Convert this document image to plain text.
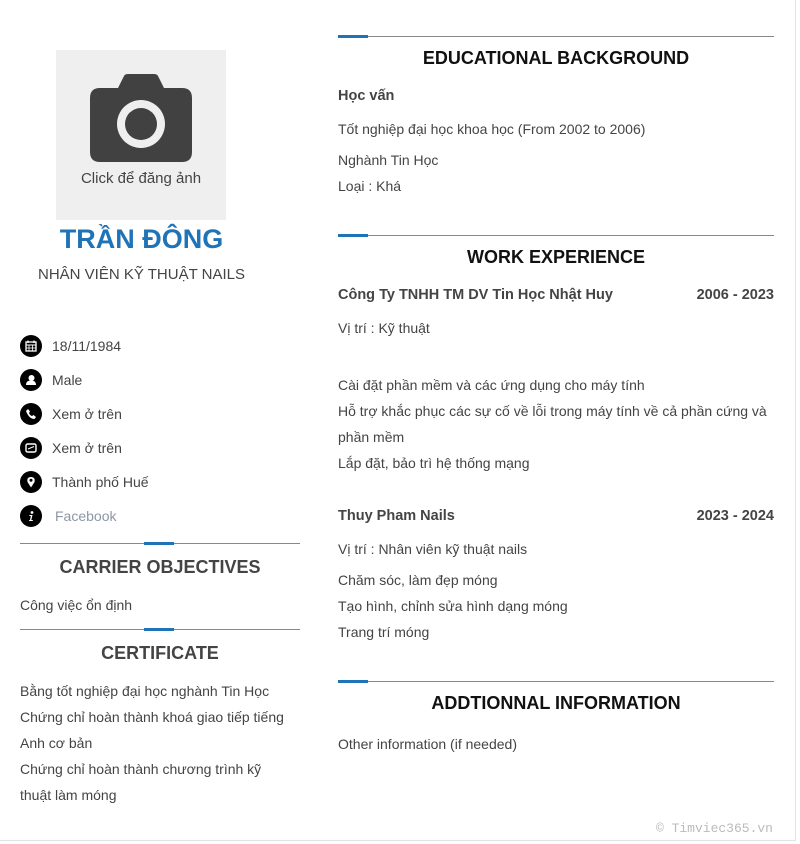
Click để đăng ảnh
TRẦN ĐÔNG
NHÂN VIÊN KỸ THUẬT NAILS
18/11/1984
Male
Xem ở trên
Xem ở trên
Thành phố Huế
Facebook
CARRIER OBJECTIVES
Công việc ổn định
CERTIFICATE
Bằng tốt nghiệp đại học nghành Tin Học
Chứng chỉ hoàn thành khoá giao tiếp tiếng
Anh cơ bản
Chứng chỉ hoàn thành chương trình kỹ
thuật làm móng
EDUCATIONAL BACKGROUND
Học vấn
Tốt nghiệp đại học khoa học (From 2002 to 2006)
Nghành Tin Học
Loại : Khá
WORK EXPERIENCE
Công Ty TNHH TM DV Tin Học Nhật Huy	2006 - 2023
Vị trí : Kỹ thuật
Cài đặt phần mềm và các ứng dụng cho máy tính
Hỗ trợ khắc phục các sự cố về lỗi trong máy tính về cả phần cứng và
phần mềm
Lắp đặt, bảo trì hệ thống mạng
Thuy Pham Nails	2023 - 2024
Vị trí : Nhân viên kỹ thuật nails
Chăm sóc, làm đẹp móng
Tạo hình, chỉnh sửa hình dạng móng
Trang trí móng
ADDTIONNAL INFORMATION
Other information (if needed)
© Timviec365.vn
